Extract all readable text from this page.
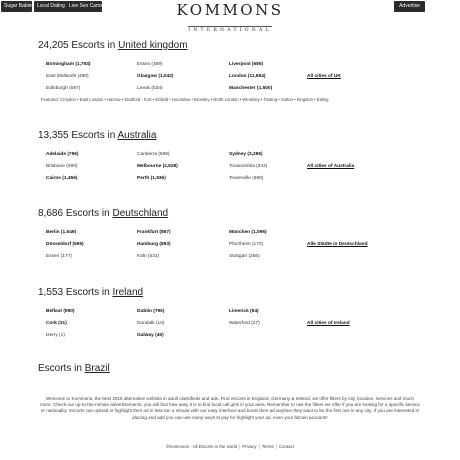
Sugar Babies Local Dating Live Sex Cams	Advertise
KOMMONS
INTERNATIONAL
24,205 Escorts in United kingdom
Birmingham (1,754)	Essex (489)	Liverpool (685)
East Midlands (490)	Glasgow (1,042)	London (11,854)	All cities of UK
Edinburgh (587)	Leeds (534)	Manchester (1,500)
Featured: Croydon • East London • Harrow • Stratford - E15 • Enfield • Hounslow • Bromley • North London • Wembley • Tooting • Sutton • Kingston • Ealing
13,355 Escorts in Australia
Adelaide (756)	Canberra (698)	Sydney (3,286)
Brisbane (599)	Melbourne (2,928)	Toowoomba (344)	All cities of Australia
Cairns (1,456)	Perth (1,936)	Townsville (590)
8,686 Escorts in Deutschland
Berlin (1,549)	Frankfurt (867)	München (1,096)
Düsseldorf (699)	Hamburg (893)	Pforzheim (170)	Alle Städte in Deutschland
Essen (177)	Köln (531)	Stuttgart (256)
1,553 Escorts in Ireland
Belfast (590)	Dublin (795)	Limerick (54)
Cork (31)	Dundalk (10)	Waterford (27)	All cities of Ireland
Derry (1)	Galway (45)
Escorts in Brazil
Welcome to Kommons, the best 2018 alternative website in adult classifieds and ads. Find escorts in England, Germany & Ireland, we offer filters by city, location, services and much more. Check our up-to-the-minute advertisements, you will find how easy it is to find local call girls in your area. Remember to use the filters we offer if you are looking for a specific service or nationality. Escorts can upload or highlight their ad in less tan a minute with our easy interface and boost their ad anytime they want to be the first one in any city. If you are interested in placing and add you can use many ways to pay for highlight your ad, even your bitcoin account!!
©Kommons - All Escorts in the world | Privacy | Terms | Contact
